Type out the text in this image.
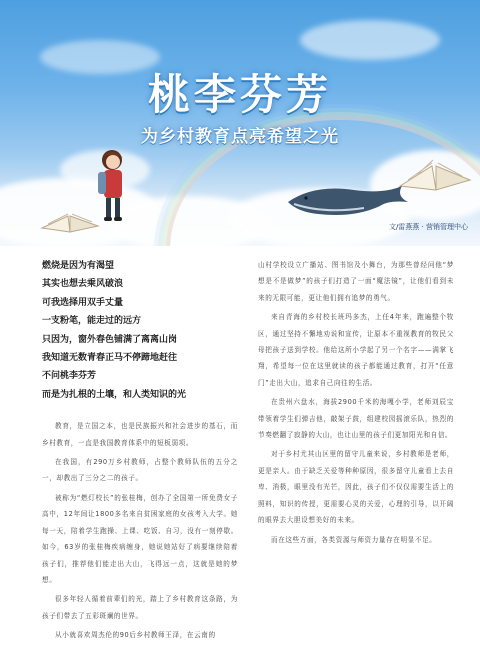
桃李芬芳
为乡村教育点亮希望之光
文/雷燕燕 · 营销管理中心
燃烧是因为有渴望
其实也想去乘风破浪
可我选择用双手丈量
一支粉笔，能走过的远方
只因为，窗外春色铺满了离离山岗
我知道无数青春正马不停蹄地赶往
不问桃李芬芳
而是为扎根的土壤，和人类知识的光

教育，是立国之本，也是民族振兴和社会进步的基石，而乡村教育，一直是我国教育体系中的短板弱项。

在我国，有290万乡村教师，占整个教师队伍的五分之一，却教出了三分之二的孩子。

被称为“燃灯校长”的张桂梅，创办了全国第一所免费女子高中，12年间让1800多名来自贫困家庭的女孩考入大学。她每一天，陪着学生跑操、上课、吃饭、自习，没有一刻停歇。如今，63岁的张桂梅疾病缠身，她说她站好了病要继续陪着孩子们，推荐他们能走出大山，飞得远一点，这就是她的梦想。

很多年轻人循着前辈们的光，踏上了乡村教育这条路，为孩子们带去了五彩斑斓的世界。

从小就喜欢周杰伦的90后乡村教师王泽，在云南的

山村学校设立广播站、图书馆及小舞台，为那些曾经问他“梦想是不是做梦”的孩子们打造了一面“魔法镜”，让他们看到未来的无限可能，更让他们拥有追梦的勇气。

来自青海的乡村校长班玛多杰，上任4年来，跑遍整个牧区，通过坚持不懈地劝说和宣传，让原本不重视教育的牧民父母把孩子送到学校。他给这所小学起了另一个名字——满掌飞翔，希望每一位在这里就读的孩子都能通过教育，打开“任意门”走出大山，追求自己向往的生活。

在贵州六盘水，海拔2900千米的海嘎小学，老师刘辰宝带领着学生们弹吉他，敲架子鼓，组建校园摇滚乐队，热烈的节奏燃翻了寂静的大山，也让山里的孩子们更加阳光和自信。

对于乡村尤其山区里的留守儿童来说，乡村教师是老师，更是亲人。由于缺乏关爱等种种原因，很多留守儿童看上去自卑、消极，眼里没有光芒，因此，孩子们不仅仅需要生活上的照料，知识的传授，更需要心灵的关爱，心理的引导，以开阔的眼界去大胆设想美好的未来。

而在这些方面，各类资源与师资力量存在明显不足。
